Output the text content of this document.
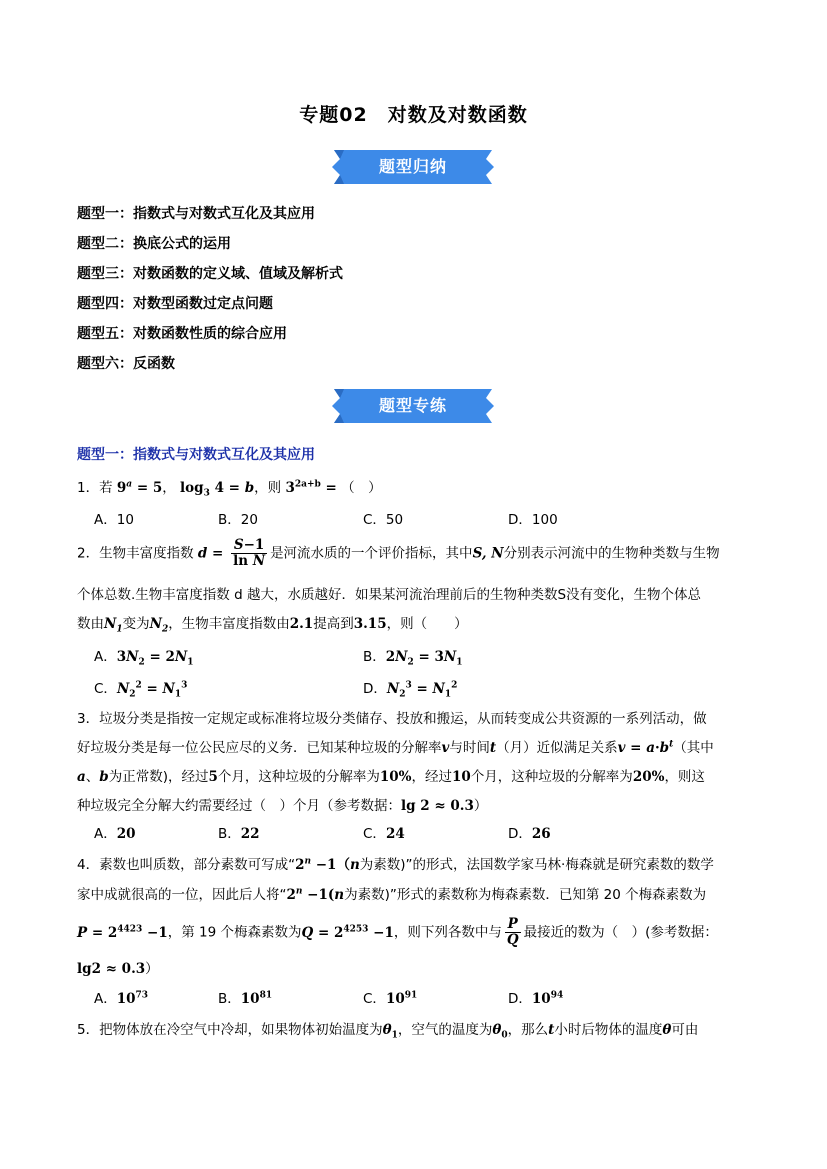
专题02　对数及对数函数
题型归纳
题型一：指数式与对数式互化及其应用
题型二：换底公式的运用
题型三：对数函数的定义域、值域及解析式
题型四：对数型函数过定点问题
题型五：对数函数性质的综合应用
题型六：反函数
题型专练
题型一：指数式与对数式互化及其应用
1．若 $9^a = 5$， $\log_3 4 = b$，则 $3^{2a+b}$ = （　）
A．10	B．20	C．50	D．100
2．生物丰富度指数 $d = \frac{S-1}{\text{ln N}}$ 是河流水质的一个评价指标，其中S, N分别表示河流中的生物种类数与生物
个体总数.生物丰富度指数 d 越大，水质越好．如果某河流治理前后的生物种类数S没有变化，生物个体总
数由$N_1$变为$N_2$，生物丰富度指数由2.1提高到3.15，则（　　）
A．$3N_2 = 2N_1$	B．$2N_2 = 3N_1$
C．$N_2^2 = N_1^3$	D．$N_2^3 = N_1^2$
3．垃圾分类是指按一定规定或标准将垃圾分类储存、投放和搬运，从而转变成公共资源的一系列活动，做
好垃圾分类是每一位公民应尽的义务．已知某种垃圾的分解率v与时间t（月）近似满足关系$v = a\cdot b^t$（其中
a、b为正常数)，经过5个月，这种垃圾的分解率为10%，经过10个月，这种垃圾的分解率为20%，则这
种垃圾完全分解大约需要经过（　）个月（参考数据：lg 2 ≈ 0.3）
A．20	B．22	C．24	D．26
4．素数也叫质数，部分素数可写成“$2^n -1(n$为素数)”的形式，法国数学家马林·梅森就是研究素数的数学
家中成就很高的一位，因此后人将“$2^n -1(n$为素数)”形式的素数称为梅森素数．已知第 20 个梅森素数为
$P = 2^{4423} -1$，第 19 个梅森素数为$Q = 2^{4253} -1$，则下列各数中与 $\frac{P}{Q}$ 最接近的数为（　）(参考数据：
lg2 ≈ 0.3）
A．$10^{73}$	B．$10^{81}$	C．$10^{91}$	D．$10^{94}$
5．把物体放在冷空气中冷却，如果物体初始温度为$\theta_1$，空气的温度为$\theta_0$，那么t小时后物体的温度θ可由
